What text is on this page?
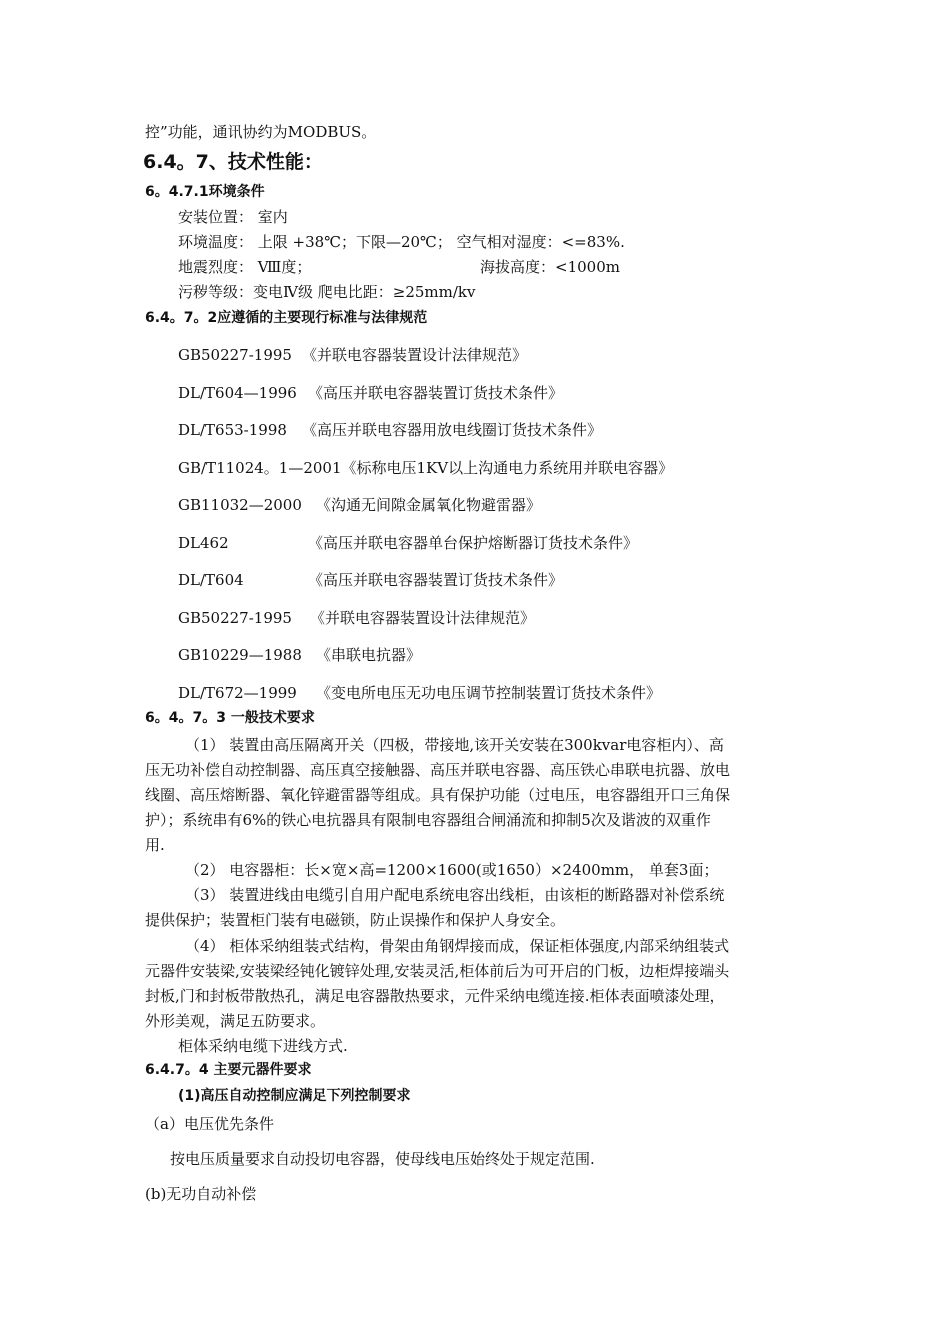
控”功能，通讯协约为MODBUS。
6.4。7、技术性能：
6。4.7.1环境条件
安装位置： 室内
环境温度： 上限 +38℃；下限—20℃； 空气相对湿度：<=83%.
地震烈度： Ⅷ度；	海拔高度：<1000m
污秽等级：变电Ⅳ级 爬电比距：≥25mm/kv
6.4。7。2应遵循的主要现行标准与法律规范
GB50227-1995 《并联电容器装置设计法律规范》
DL/T604—1996 《高压并联电容器装置订货技术条件》
DL/T653-1998 《高压并联电容器用放电线圈订货技术条件》
GB/T11024。1—2001《标称电压1KV以上沟通电力系统用并联电容器》
GB11032—2000 《沟通无间隙金属氧化物避雷器》
DL462	《高压并联电容器单台保护熔断器订货技术条件》
DL/T604	《高压并联电容器装置订货技术条件》
GB50227-1995 《并联电容器装置设计法律规范》
GB10229—1988 《串联电抗器》
DL/T672—1999 《变电所电压无功电压调节控制装置订货技术条件》
6。4。7。3 一般技术要求
（1） 装置由高压隔离开关（四极，带接地,该开关安装在300kvar电容柜内）、高
压无功补偿自动控制器、高压真空接触器、高压并联电容器、高压铁心串联电抗器、放电
线圈、高压熔断器、氧化锌避雷器等组成。具有保护功能（过电压，电容器组开口三角保
护）；系统串有6%的铁心电抗器具有限制电容器组合闸涌流和抑制5次及谐波的双重作
用.
（2） 电容器柜：长×宽×高=1200×1600(或1650）×2400mm， 单套3面；
（3） 装置进线由电缆引自用户配电系统电容出线柜，由该柜的断路器对补偿系统
提供保护；装置柜门装有电磁锁，防止误操作和保护人身安全。
（4） 柜体采纳组装式结构，骨架由角钢焊接而成，保证柜体强度,内部采纳组装式
元器件安装梁,安装梁经钝化镀锌处理,安装灵活,柜体前后为可开启的门板，边柜焊接端头
封板,门和封板带散热孔，满足电容器散热要求，元件采纳电缆连接.柜体表面喷漆处理，
外形美观，满足五防要求。
柜体采纳电缆下进线方式.
6.4.7。4 主要元器件要求
(1)高压自动控制应满足下列控制要求
（a）电压优先条件
按电压质量要求自动投切电容器，使母线电压始终处于规定范围.
(b)无功自动补偿
